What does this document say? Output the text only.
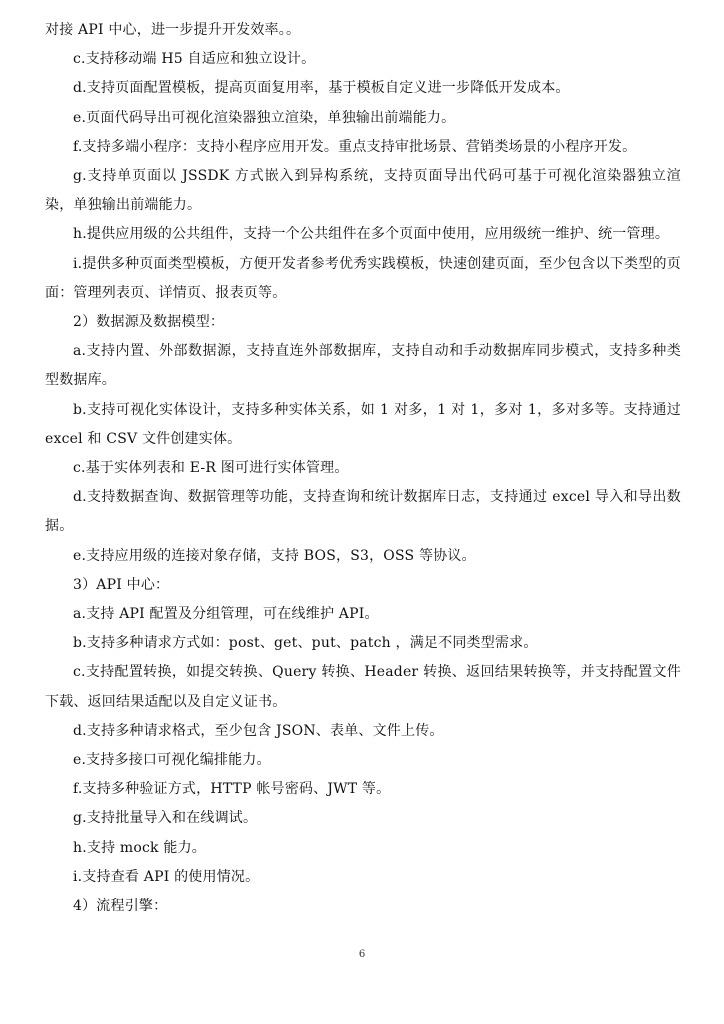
对接 API 中心，进一步提升开发效率。。

c.支持移动端 H5 自适应和独立设计。

d.支持页面配置模板，提高页面复用率，基于模板自定义进一步降低开发成本。

e.页面代码导出可视化渲染器独立渲染，单独输出前端能力。

f.支持多端小程序：支持小程序应用开发。重点支持审批场景、营销类场景的小程序开发。

g.支持单页面以 JSSDK 方式嵌入到异构系统，支持页面导出代码可基于可视化渲染器独立渲染，单独输出前端能力。

h.提供应用级的公共组件，支持一个公共组件在多个页面中使用，应用级统一维护、统一管理。

i.提供多种页面类型模板，方便开发者参考优秀实践模板，快速创建页面，至少包含以下类型的页面：管理列表页、详情页、报表页等。

2）数据源及数据模型：

a.支持内置、外部数据源，支持直连外部数据库，支持自动和手动数据库同步模式，支持多种类型数据库。

b.支持可视化实体设计，支持多种实体关系，如 1 对多，1 对 1，多对 1，多对多等。支持通过 excel 和 CSV 文件创建实体。

c.基于实体列表和 E-R 图可进行实体管理。

d.支持数据查询、数据管理等功能，支持查询和统计数据库日志，支持通过 excel 导入和导出数据。

e.支持应用级的连接对象存储，支持 BOS，S3，OSS 等协议。

3）API 中心：

a.支持 API 配置及分组管理，可在线维护 API。

b.支持多种请求方式如：post、get、put、patch ，满足不同类型需求。

c.支持配置转换，如提交转换、Query 转换、Header 转换、返回结果转换等，并支持配置文件下载、返回结果适配以及自定义证书。

d.支持多种请求格式，至少包含 JSON、表单、文件上传。

e.支持多接口可视化编排能力。

f.支持多种验证方式，HTTP 帐号密码、JWT 等。

g.支持批量导入和在线调试。

h.支持 mock 能力。

i.支持查看 API 的使用情况。

4）流程引擎：

6
